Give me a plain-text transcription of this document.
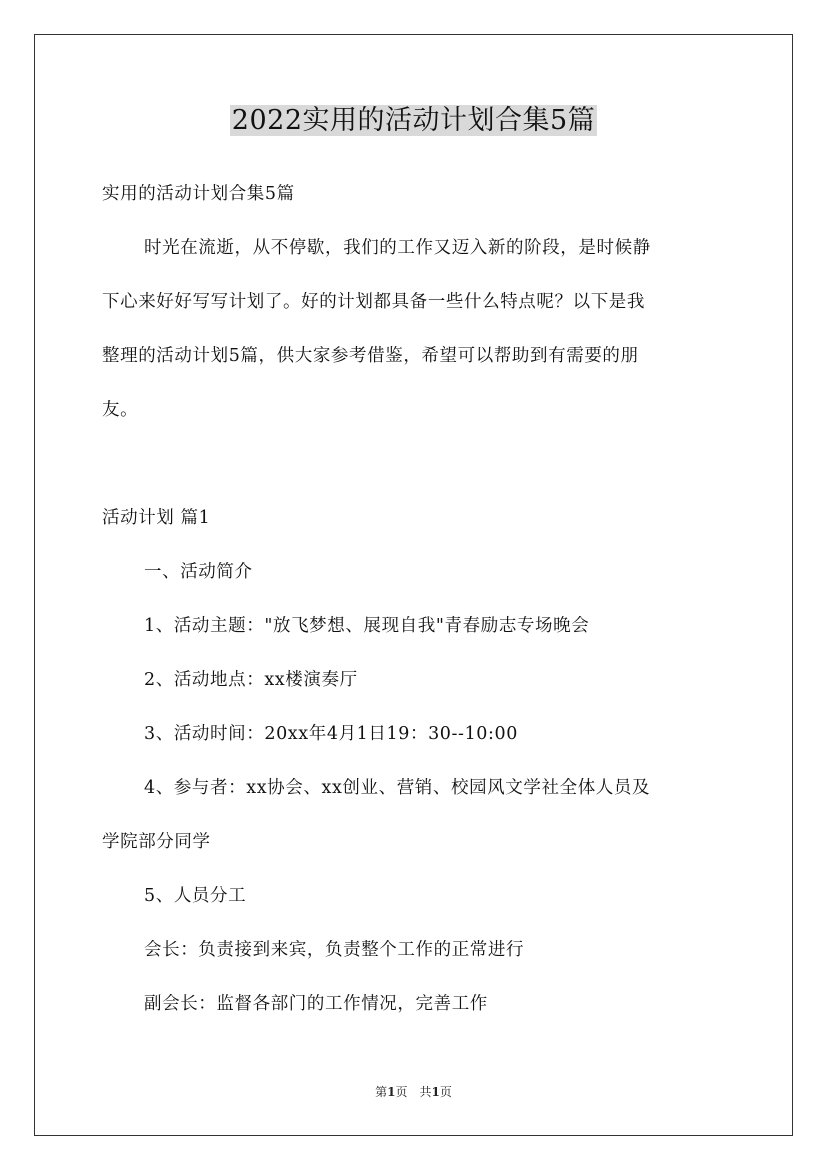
2022实用的活动计划合集5篇
实用的活动计划合集5篇
时光在流逝，从不停歇，我们的工作又迈入新的阶段，是时候静
下心来好好写写计划了。好的计划都具备一些什么特点呢？以下是我
整理的活动计划5篇，供大家参考借鉴，希望可以帮助到有需要的朋
友。
活动计划 篇1
一、活动简介
1、活动主题："放飞梦想、展现自我"青春励志专场晚会
2、活动地点：xx楼演奏厅
3、活动时间：20xx年4月1日19：30--10:00
4、参与者：xx协会、xx创业、营销、校园风文学社全体人员及
学院部分同学
5、人员分工
会长：负责接到来宾，负责整个工作的正常进行
副会长：监督各部门的工作情况，完善工作
第1页　共1页
